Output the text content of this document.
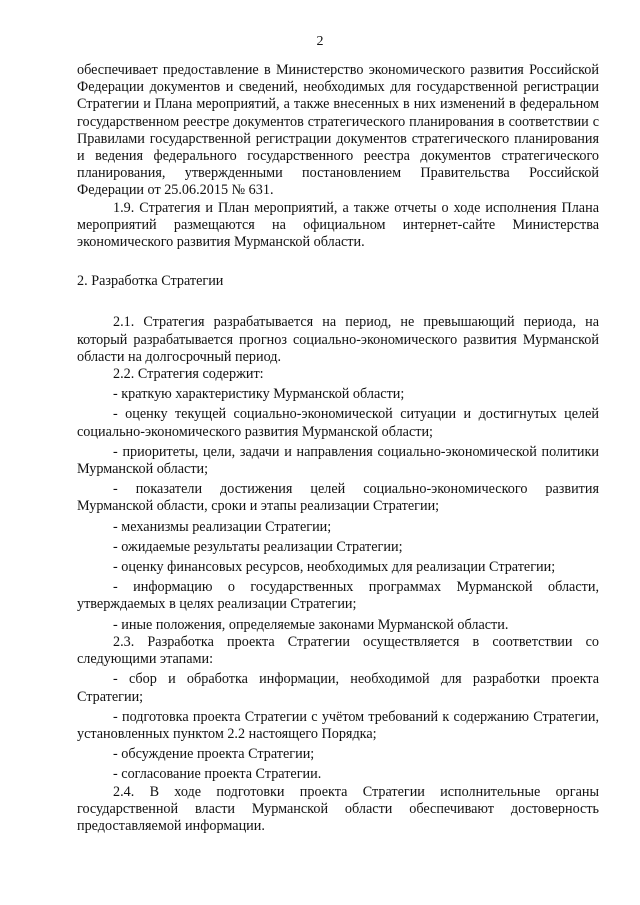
2

обеспечивает предоставление в Министерство экономического развития Российской Федерации документов и сведений, необходимых для государственной регистрации Стратегии и Плана мероприятий, а также внесенных в них изменений в федеральном государственном реестре документов стратегического планирования в соответствии с Правилами государственной регистрации документов стратегического планирования и ведения федерального государственного реестра документов стратегического планирования, утвержденными постановлением Правительства Российской Федерации от 25.06.2015 № 631.

1.9. Стратегия и План мероприятий, а также отчеты о ходе исполнения Плана мероприятий размещаются на официальном интернет-сайте Министерства экономического развития Мурманской области.

2. Разработка Стратегии

2.1. Стратегия разрабатывается на период, не превышающий периода, на который разрабатывается прогноз социально-экономического развития Мурманской области на долгосрочный период.

2.2. Стратегия содержит:

- краткую характеристику Мурманской области;

- оценку текущей социально-экономической ситуации и достигнутых целей социально-экономического развития Мурманской области;

- приоритеты, цели, задачи и направления социально-экономической политики Мурманской области;

- показатели достижения целей социально-экономического развития Мурманской области, сроки и этапы реализации Стратегии;

- механизмы реализации Стратегии;

- ожидаемые результаты реализации Стратегии;

- оценку финансовых ресурсов, необходимых для реализации Стратегии;

- информацию о государственных программах Мурманской области, утверждаемых в целях реализации Стратегии;

- иные положения, определяемые законами Мурманской области.

2.3. Разработка проекта Стратегии осуществляется в соответствии со следующими этапами:

- сбор и обработка информации, необходимой для разработки проекта Стратегии;

- подготовка проекта Стратегии с учётом требований к содержанию Стратегии, установленных пунктом 2.2 настоящего Порядка;

- обсуждение проекта Стратегии;

- согласование проекта Стратегии.

2.4. В ходе подготовки проекта Стратегии исполнительные органы государственной власти Мурманской области обеспечивают достоверность предоставляемой информации.
